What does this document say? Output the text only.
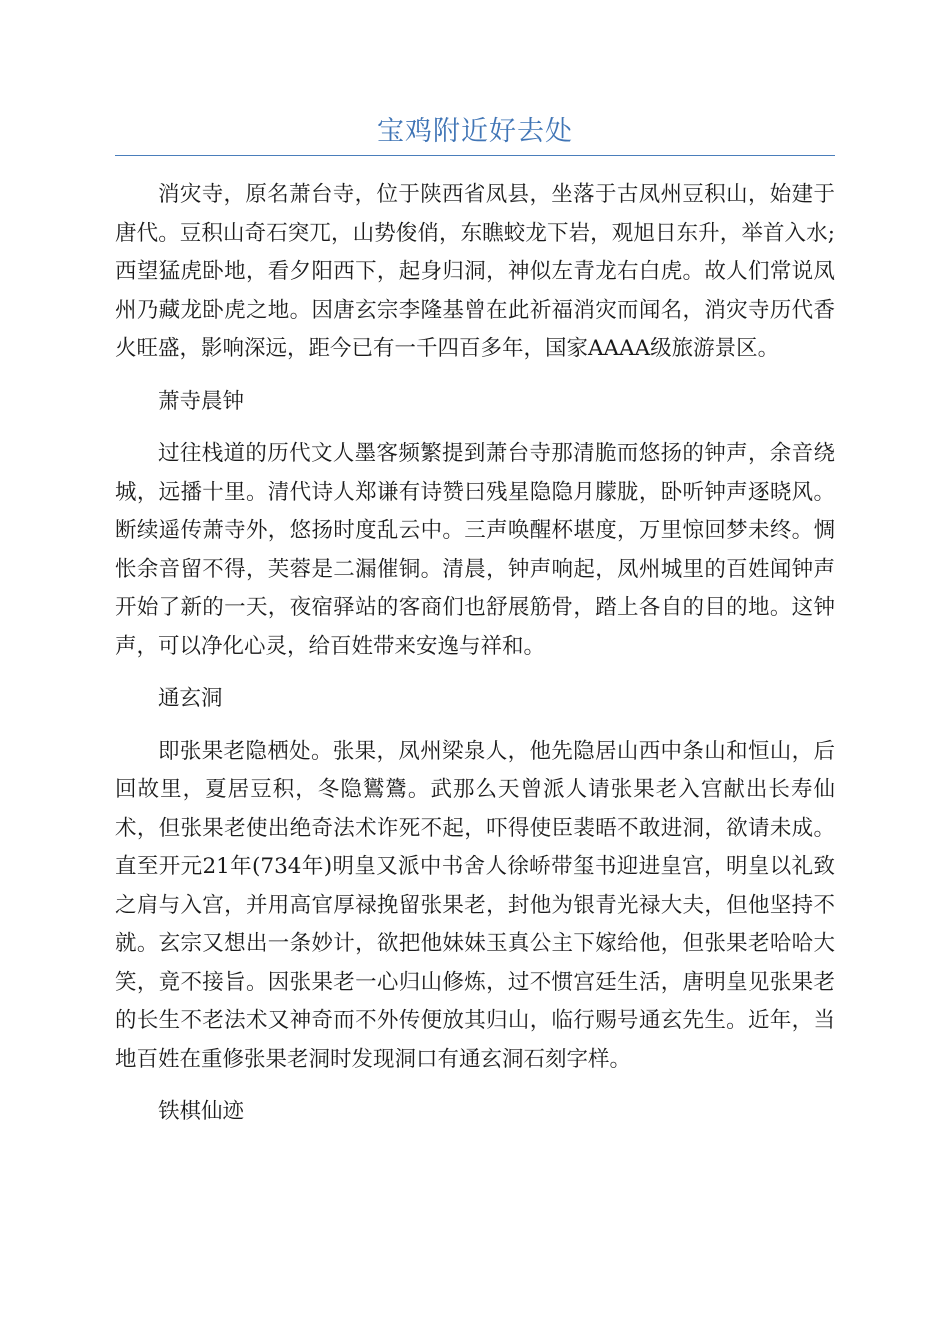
宝鸡附近好去处

消灾寺，原名萧台寺，位于陕西省凤县，坐落于古凤州豆积山，始建于唐代。豆积山奇石突兀，山势俊俏，东瞧蛟龙下岩，观旭日东升，举首入水;西望猛虎卧地，看夕阳西下，起身归洞，神似左青龙右白虎。故人们常说凤州乃藏龙卧虎之地。因唐玄宗李隆基曾在此祈福消灾而闻名，消灾寺历代香火旺盛，影响深远，距今已有一千四百多年，国家AAAA级旅游景区。

萧寺晨钟

过往栈道的历代文人墨客频繁提到萧台寺那清脆而悠扬的钟声，余音绕城，远播十里。清代诗人郑谦有诗赞曰残星隐隐月朦胧，卧听钟声逐晓风。断续遥传萧寺外，悠扬时度乱云中。三声唤醒杯堪度，万里惊回梦未终。惆怅余音留不得，芙蓉是二漏催铜。清晨，钟声响起，凤州城里的百姓闻钟声开始了新的一天，夜宿驿站的客商们也舒展筋骨，踏上各自的目的地。这钟声，可以净化心灵，给百姓带来安逸与祥和。

通玄洞

即张果老隐栖处。张果，凤州梁泉人，他先隐居山西中条山和恒山，后回故里，夏居豆积，冬隐鸑鷟。武那么天曾派人请张果老入宫献出长寿仙术，但张果老使出绝奇法术诈死不起，吓得使臣裴晤不敢进洞，欲请未成。直至开元21年(734年)明皇又派中书舍人徐峤带玺书迎进皇宫，明皇以礼致之肩与入宫，并用高官厚禄挽留张果老，封他为银青光禄大夫，但他坚持不就。玄宗又想出一条妙计，欲把他妹妹玉真公主下嫁给他，但张果老哈哈大笑，竟不接旨。因张果老一心归山修炼，过不惯宫廷生活，唐明皇见张果老的长生不老法术又神奇而不外传便放其归山，临行赐号通玄先生。近年，当地百姓在重修张果老洞时发现洞口有通玄洞石刻字样。

铁棋仙迹
